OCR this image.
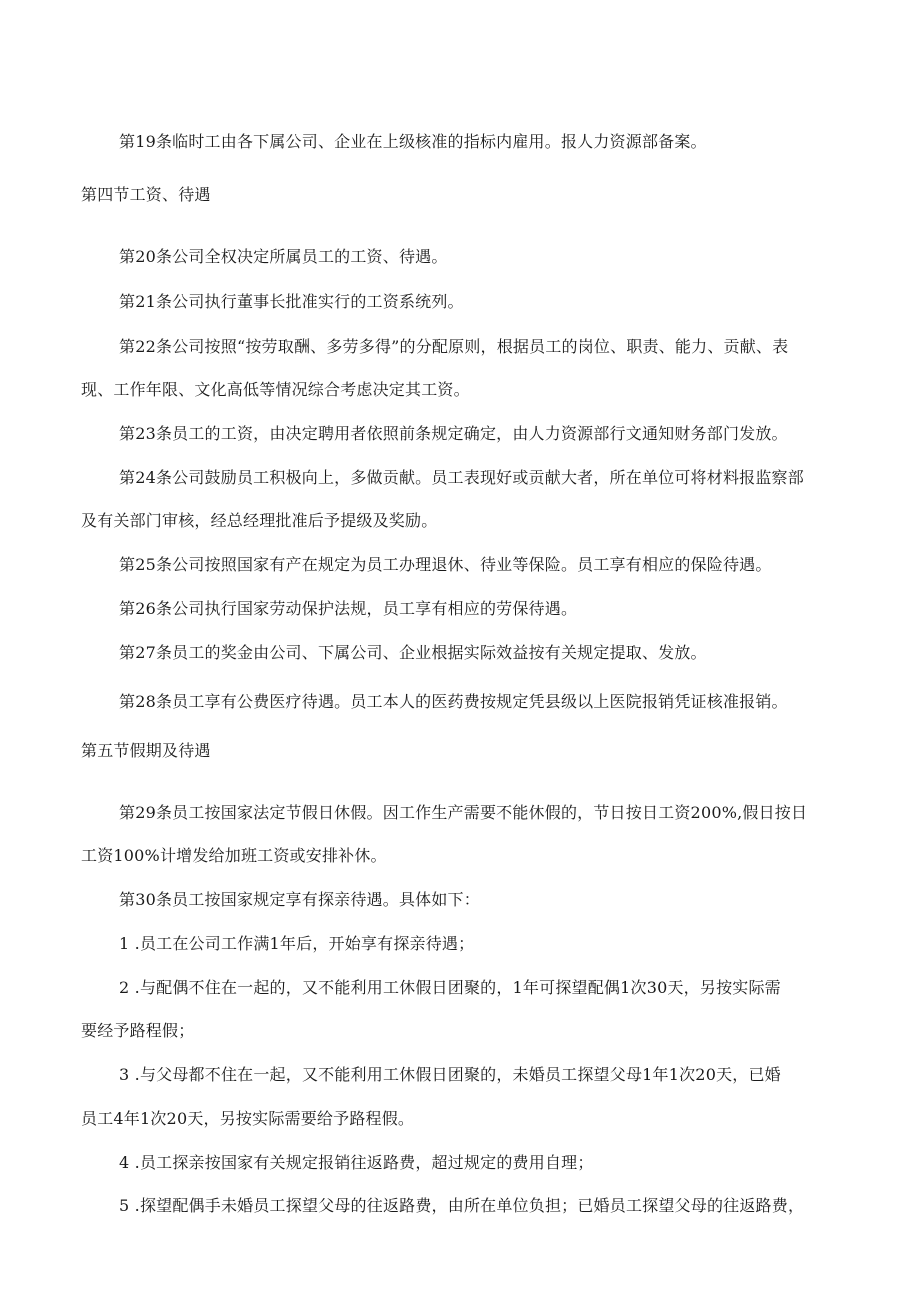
第19条临时工由各下属公司、企业在上级核准的指标内雇用。报人力资源部备案。
第四节工资、待遇
第20条公司全权决定所属员工的工资、待遇。
第21条公司执行董事长批准实行的工资系统列。
第22条公司按照“按劳取酬、多劳多得”的分配原则，根据员工的岗位、职责、能力、贡献、表
现、工作年限、文化高低等情况综合考虑决定其工资。
第23条员工的工资，由决定聘用者依照前条规定确定，由人力资源部行文通知财务部门发放。
第24条公司鼓励员工积极向上，多做贡献。员工表现好或贡献大者，所在单位可将材料报监察部
及有关部门审核，经总经理批准后予提级及奖励。
第25条公司按照国家有产在规定为员工办理退休、待业等保险。员工享有相应的保险待遇。
第26条公司执行国家劳动保护法规，员工享有相应的劳保待遇。
第27条员工的奖金由公司、下属公司、企业根据实际效益按有关规定提取、发放。
第28条员工享有公费医疗待遇。员工本人的医药费按规定凭县级以上医院报销凭证核准报销。
第五节假期及待遇
第29条员工按国家法定节假日休假。因工作生产需要不能休假的，节日按日工资200%,假日按日
工资100%计增发给加班工资或安排补休。
第30条员工按国家规定享有探亲待遇。具体如下：
1 .员工在公司工作满1年后，开始享有探亲待遇；
2 .与配偶不住在一起的，又不能利用工休假日团聚的，1年可探望配偶1次30天，另按实际需
要经予路程假；
3 .与父母都不住在一起，又不能利用工休假日团聚的，未婚员工探望父母1年1次20天，已婚
员工4年1次20天，另按实际需要给予路程假。
4 .员工探亲按国家有关规定报销往返路费，超过规定的费用自理；
5 .探望配偶手未婚员工探望父母的往返路费，由所在单位负担；已婚员工探望父母的往返路费，
